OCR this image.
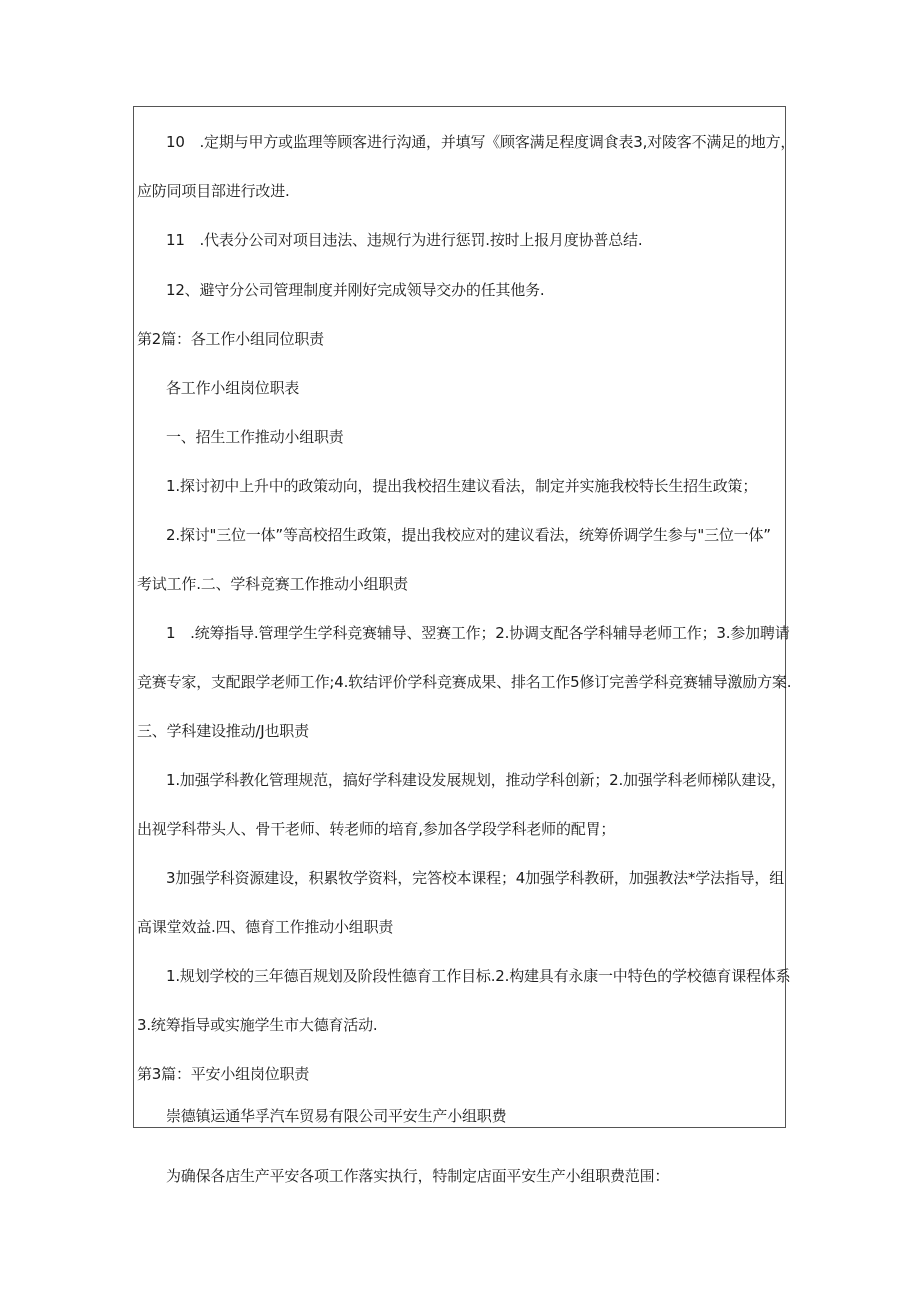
10　.定期与甲方或监理等顾客进行沟通，并填写《顾客满足程度调食表3,对陵客不满足的地方，
应防同项目部进行改进.
11　.代表分公司对项目违法、违规行为进行惩罚.按时上报月度协普总结.
12、避守分公司管理制度并刚好完成领导交办的任其他务.
第2篇：各工作小组同位职责
各工作小组岗位职表
一、招生工作推动小组职责
1.探讨初中上升中的政策动向，提出我校招生建议看法，制定并实施我校特长生招生政策；
2.探讨"三位一体”等高校招生政策，提出我校应对的建议看法，统筹侨调学生参与"三位一体”
考试工作.二、学科竞赛工作推动小组职责
1　.统筹指导.管理学生学科竞赛辅导、翌赛工作；2.协调支配各学科辅导老师工作；3.参加聘请
竞赛专家，支配跟学老师工作;4.软结评价学科竞赛成果、排名工作5修订完善学科竞赛辅导激励方案.
三、学科建设推动/J也职责
1.加强学科教化管理规范，搞好学科建设发展规划，推动学科创新；2.加强学科老师梯队建设，
出视学科带头人、骨干老师、转老师的培育,参加各学段学科老师的配胃；
3加强学科资源建设，积累牧学资料，完答校本课程；4加强学科教研，加强教法*学法指导，组
高课堂效益.四、德育工作推动小组职责
1.规划学校的三年德百规划及阶段性德育工作目标.2.构建具有永康一中特色的学校德育课程体系
3.统筹指导或实施学生市大德育活动.
第3篇：平安小组岗位职责
崇德镇运通华孚汽车贸易有限公司平安生产小组职费
为确保各店生产平安各项工作落实执行，特制定店面平安生产小组职费范围：
